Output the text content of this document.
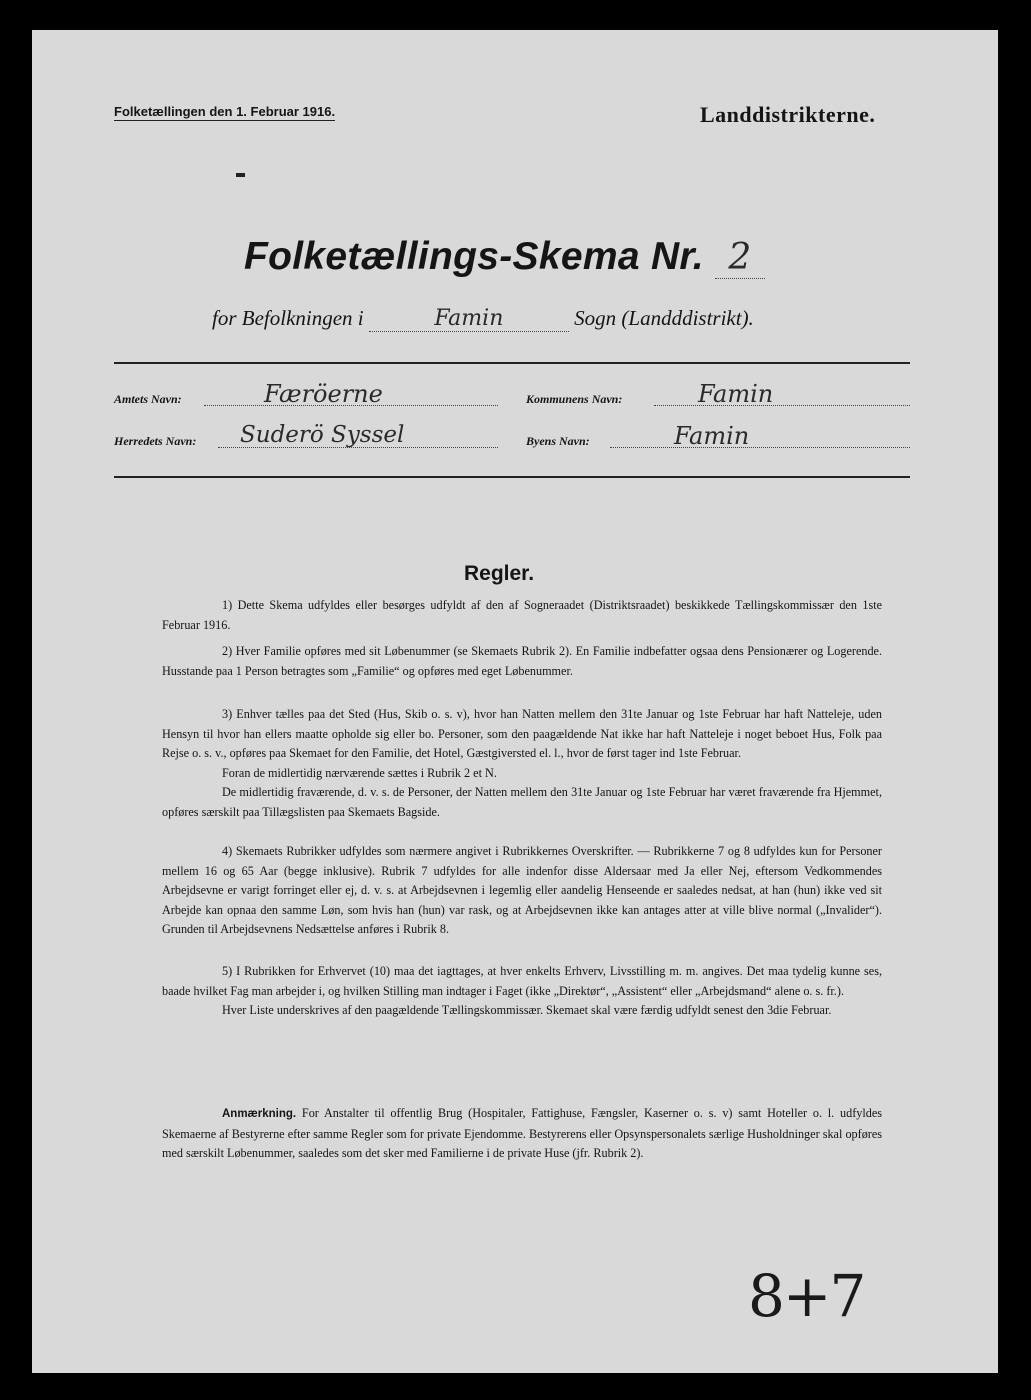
Folketællingen den 1. Februar 1916.	Landdistrikterne.
Folketællings-Skema Nr. 2
for Befolkningen i	Famin	Sogn (Landddistrikt).
Amtets Navn:	Færöerne	Kommunens Navn:	Famin
Herredets Navn: Suderö Syssel	Byens Navn:	Famin
Regler.

1) Dette Skema udfyldes eller besørges udfyldt af den af Sogneraadet (Distriktsraadet) beskikkede Tællingskommissær den 1ste Februar 1916.

2) Hver Familie opføres med sit Løbenummer (se Skemaets Rubrik 2). En Familie indbefatter ogsaa dens Pensionærer og Logerende. Husstande paa 1 Person betragtes som „Familie“ og opføres med eget Løbenummer.

3) Enhver tælles paa det Sted (Hus, Skib o. s. v), hvor han Natten mellem den 31te Januar og 1ste Februar har haft Natteleje, uden Hensyn til hvor han ellers maatte opholde sig eller bo. Personer, som den paagældende Nat ikke har haft Natteleje i noget beboet Hus, Folk paa Rejse o. s. v., opføres paa Skemaet for den Familie, det Hotel, Gæstgiversted el. l., hvor de først tager ind 1ste Februar.

Foran de midlertidig nærværende sættes i Rubrik 2 et N.

De midlertidig fraværende, d. v. s. de Personer, der Natten mellem den 31te Januar og 1ste Februar har været fraværende fra Hjemmet, opføres særskilt paa Tillægslisten paa Skemaets Bagside.

4) Skemaets Rubrikker udfyldes som nærmere angivet i Rubrikkernes Overskrifter. — Rubrikkerne 7 og 8 udfyldes kun for Personer mellem 16 og 65 Aar (begge inklusive). Rubrik 7 udfyldes for alle indenfor disse Aldersaar med Ja eller Nej, eftersom Vedkommendes Arbejdsevne er varigt forringet eller ej, d. v. s. at Arbejdsevnen i legemlig eller aandelig Henseende er saaledes nedsat, at han (hun) ikke ved sit Arbejde kan opnaa den samme Løn, som hvis han (hun) var rask, og at Arbejdsevnen ikke kan antages atter at ville blive normal („Invalider“). Grunden til Arbejdsevnens Nedsættelse anføres i Rubrik 8.

5) I Rubrikken for Erhvervet (10) maa det iagttages, at hver enkelts Erhverv, Livsstilling m. m. angives. Det maa tydelig kunne ses, baade hvilket Fag man arbejder i, og hvilken Stilling man indtager i Faget (ikke „Direktør“, „Assistent“ eller „Arbejdsmand“ alene o. s. fr.).

Hver Liste underskrives af den paagældende Tællingskommissær. Skemaet skal være færdig udfyldt senest den 3die Februar.

Anmærkning. For Anstalter til offentlig Brug (Hospitaler, Fattighuse, Fængsler, Kaserner o. s. v) samt Hoteller o. l. udfyldes Skemaerne af Bestyrerne efter samme Regler som for private Ejendomme. Bestyrerens eller Opsynspersonalets særlige Husholdninger skal opføres med særskilt Løbenummer, saaledes som det sker med Familierne i de private Huse (jfr. Rubrik 2).

8+7
